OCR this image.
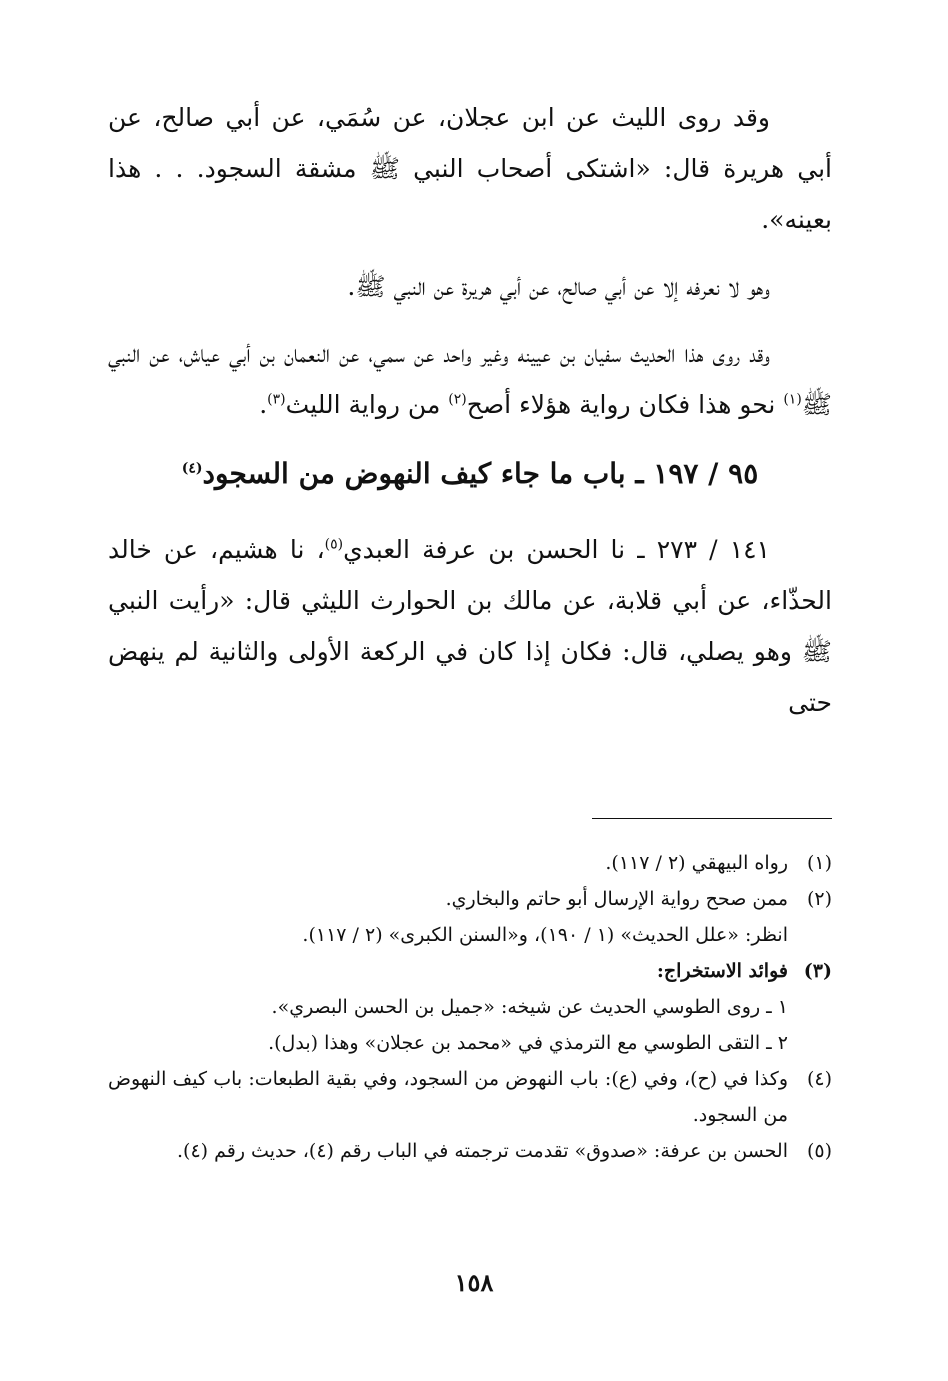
وقد روى الليث عن ابن عجلان، عن سُمَي، عن أبي صالح، عن أبي هريرة قال: «اشتكى أصحاب النبي ﷺ مشقة السجود. . . هذا بعينه».

وهو لا نعرفه إلا عن أبي صالح، عن أبي هريرة عن النبي ﷺ.

وقد روى هذا الحديث سفيان بن عيينه وغير واحد عن سمي، عن النعمان بن أبي عياش، عن النبي ﷺ$^{(١)}$ نحو هذا فكان رواية هؤلاء أصح$^{(٢)}$ من رواية الليث$^{(٣)}$.

٩٥ / ١٩٧ ـ باب ما جاء كيف النهوض من السجود$^{(٤)}$

١٤١ / ٢٧٣ ـ نا الحسن بن عرفة العبدي$^{(٥)}$، نا هشيم، عن خالد الحذّاء، عن أبي قلابة، عن مالك بن الحوارث الليثي قال: «رأيت النبي ﷺ وهو يصلي، قال: فكان إذا كان في الركعة الأولى والثانية لم ينهض حتى

(١)
رواه البيهقي (٢ / ١١٧).
(٢)
ممن صحح رواية الإرسال أبو حاتم والبخاري.
انظر: «علل الحديث» (١ / ١٩٠)، و«السنن الكبرى» (٢ / ١١٧).
(٣)
فوائد الاستخراج:
١ ـ روى الطوسي الحديث عن شيخه: «جميل بن الحسن البصري».
٢ ـ التقى الطوسي مع الترمذي في «محمد بن عجلان» وهذا (بدل).
(٤)
وكذا في (ح)، وفي (ع): باب النهوض من السجود، وفي بقية الطبعات: باب كيف النهوض من السجود.
(٥)
الحسن بن عرفة: «صدوق» تقدمت ترجمته في الباب رقم (٤)، حديث رقم (٤).
١٥٨
